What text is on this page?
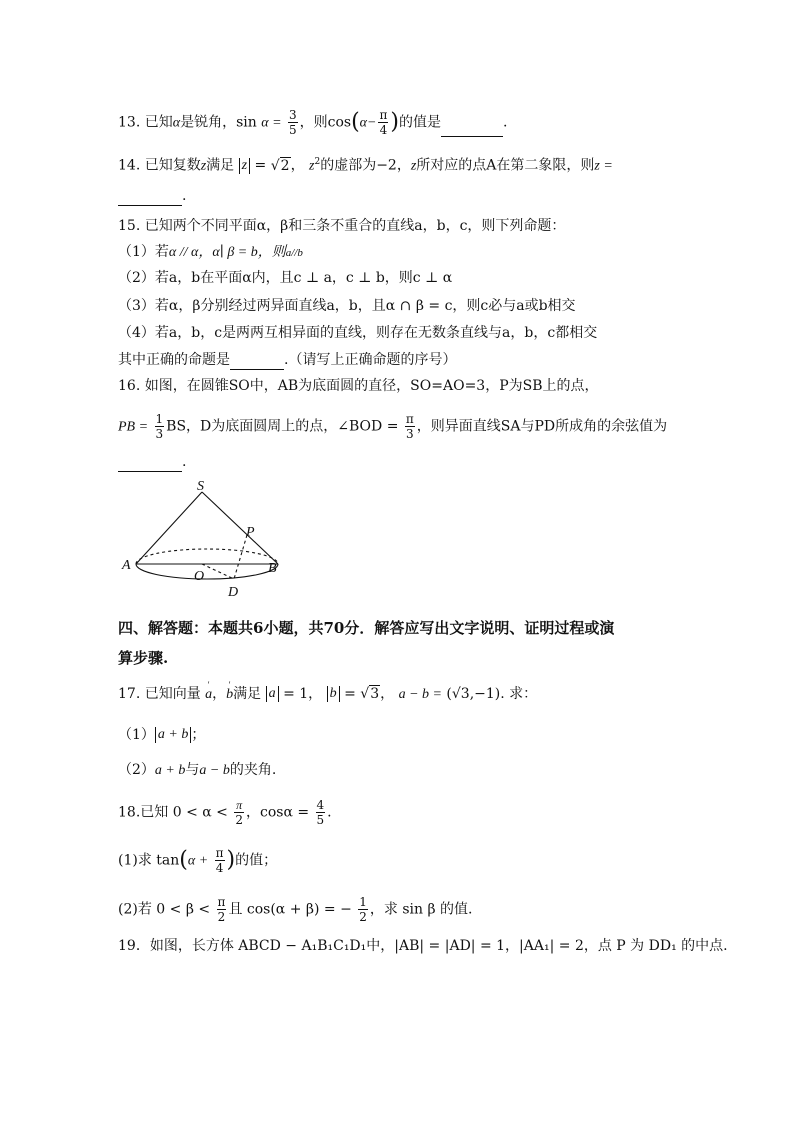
13. 已知α是锐角，$\sin \alpha = \frac{3}{5}$ ，则$\cos(\alpha- \frac{\pi}{4}$ )的值是	.
14. 已知复数z满足 z = √2， $z^2$的虚部为−2，z所对应的点A在第二象限，则z =
.
15. 已知两个不同平面α，β和三条不重合的直线a，b，c，则下列命题：
（1）若α // α，α∣ β = b，则a//b
（2）若a，b在平面α内，且c ⊥ a，c ⊥ b，则c ⊥ α
（3）若α，β分别经过两异面直线a，b，且α ∩ β = c，则c必与a或b相交
（4）若a，b，c是两两互相异面的直线，则存在无数条直线与a，b，c都相交
其中正确的命题是	.（请写上正确命题的序号）
16. 如图，在圆锥SO中，AB为底面圆的直径，SO=AO=3，P为SB上的点，
PB = $\frac{1}{3}$ BS，D为底面圆周上的点，∠BOD = $\frac{\pi}{3}$ ，则异面直线SA与PD所成角的余弦值为
.
S
P
A
O
B
D
四、解答题：本题共6小题，共70分．解答应写出文字说明、证明过程或演
算步骤.
17. 已知向量 ' a，' b满足 a = 1， b = √3， a − b = (√3,−1). 求：
（1） a + b ；
（2）a + b与a − b的夹角.
18.已知 $0 < \alpha < \frac{\pi}{2}$ ，$\cos\alpha = \frac{4}{5}$ .
(1)求 $\tan(\alpha + \frac{\pi}{4}$ )的值；
(2)若 $0 < \beta < \frac{\pi}{2}$ 且 cos(α + β) = − $\frac{1}{2}$ ，求 sin β 的值.
19．如图，长方体 ABCD − A₁B₁C₁D₁中，|AB| = |AD| = 1，|AA₁| = 2，点 P 为 DD₁ 的中点.
